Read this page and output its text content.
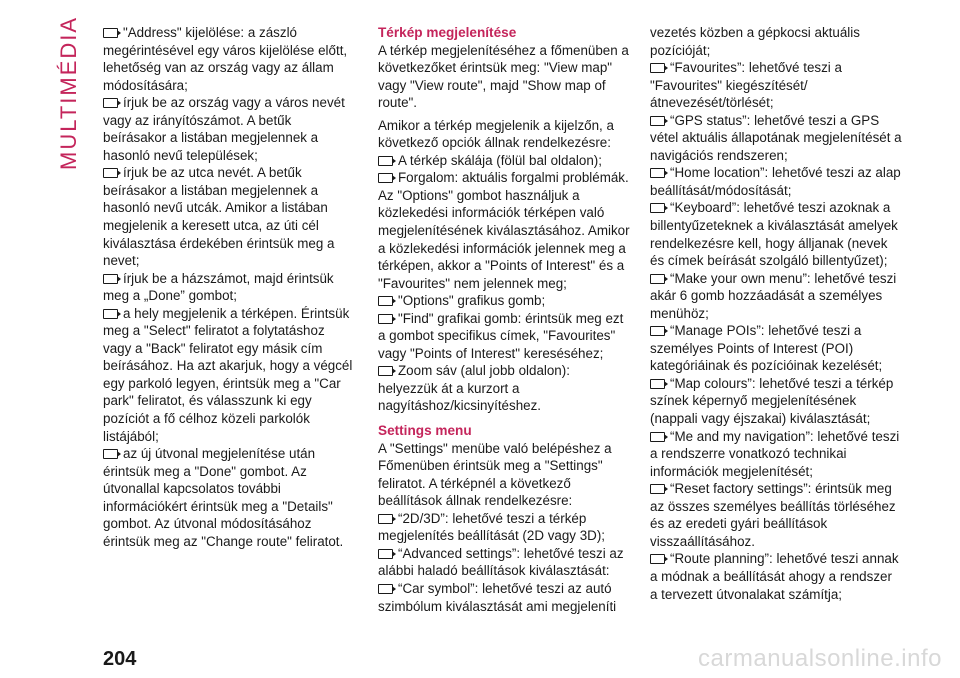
MULTIMÉDIA	"Address" kijelölése: a zászló megérintésével egy város kijelölése előtt, lehetőség van az ország vagy az állam módosítására;

írjuk be az ország vagy a város nevét vagy az irányítószámot. A betűk beírásakor a listában megjelennek a hasonló nevű települések;

írjuk be az utca nevét. A betűk beírásakor a listában megjelennek a hasonló nevű utcák. Amikor a listában megjelenik a keresett utca, az úti cél kiválasztása érdekében érintsük meg a nevet;

írjuk be a házszámot, majd érintsük meg a „Done” gombot;

a hely megjelenik a térképen. Érintsük meg a "Select" feliratot a folytatáshoz vagy a "Back" feliratot egy másik cím beírásához. Ha azt akarjuk, hogy a végcél egy parkoló legyen, érintsük meg a "Car park" feliratot, és válasszunk ki egy pozíciót a fő célhoz közeli parkolók listájából;

az új útvonal megjelenítése után érintsük meg a "Done" gombot. Az útvonallal kapcsolatos további információkért érintsük meg a "Details" gombot. Az útvonal módosításához érintsük meg az "Change route" feliratot.

Térkép megjelenítése

A térkép megjelenítéséhez a főmenüben a következőket érintsük meg: "View map" vagy "View route", majd "Show map of route".

Amikor a térkép megjelenik a kijelzőn, a következő opciók állnak rendelkezésre:

A térkép skálája (fölül bal oldalon);

Forgalom: aktuális forgalmi problémák. Az "Options" gombot használjuk a közlekedési információk térképen való megjelenítésének kiválasztásához. Amikor a közlekedési információk jelennek meg a térképen, akkor a "Points of Interest" és a "Favourites" nem jelennek meg;

"Options" grafikus gomb;

"Find" grafikai gomb: érintsük meg ezt a gombot specifikus címek, "Favourites" vagy "Points of Interest" kereséséhez;

Zoom sáv (alul jobb oldalon): helyezzük át a kurzort a nagyításhoz/kicsinyítéshez.

Settings menu

A "Settings" menübe való belépéshez a Főmenüben érintsük meg a "Settings" feliratot. A térképnél a következő beállítások állnak rendelkezésre:

“2D/3D”: lehetővé teszi a térkép megjelenítés beállítását (2D vagy 3D);

“Advanced settings”: lehetővé teszi az alábbi haladó beállítások kiválasztását:

“Car symbol”: lehetővé teszi az autó szimbólum kiválasztását ami megjeleníti

vezetés közben a gépkocsi aktuális pozícióját;

“Favourites”: lehetővé teszi a "Favourites" kiegészítését/átnevezését/törlését;

“GPS status”: lehetővé teszi a GPS vétel aktuális állapotának megjelenítését a navigációs rendszeren;

“Home location”: lehetővé teszi az alap beállítását/módosítását;

“Keyboard”: lehetővé teszi azoknak a billentyűzeteknek a kiválasztását amelyek rendelkezésre kell, hogy álljanak (nevek és címek beírását szolgáló billentyűzet);

“Make your own menu”: lehetővé teszi akár 6 gomb hozzáadását a személyes menühöz;

“Manage POIs”: lehetővé teszi a személyes Points of Interest (POI) kategóriáinak és pozícióinak kezelését;

“Map colours”: lehetővé teszi a térkép színek képernyő megjelenítésének (nappali vagy éjszakai) kiválasztását;

“Me and my navigation”: lehetővé teszi a rendszerre vonatkozó technikai információk megjelenítését;

“Reset factory settings”: érintsük meg az összes személyes beállítás törléséhez és az eredeti gyári beállítások visszaállításához.

“Route planning”: lehetővé teszi annak a módnak a beállítását ahogy a rendszer a tervezett útvonalakat számítja;

204	carmanualsonline.info
